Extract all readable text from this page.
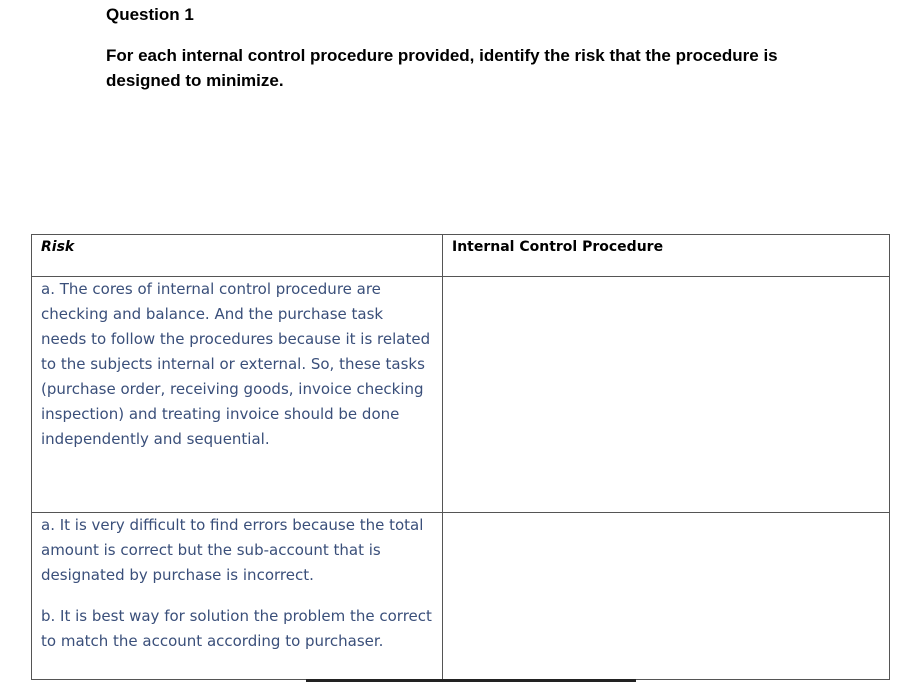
Question 1

For each internal control procedure provided, identify the risk that the procedure is designed to minimize.

Risk	Internal Control Procedure

a. The cores of internal control procedure are checking and balance. And the purchase task needs to follow the procedures because it is related to the subjects internal or external. So, these tasks (purchase order, receiving goods, invoice checking inspection) and treating invoice should be done independently and sequential.	

a. It is very difficult to find errors because the total amount is correct but the sub-account that is designated by purchase is incorrect.

b. It is best way for solution the problem the correct to match the account according to purchaser.	
